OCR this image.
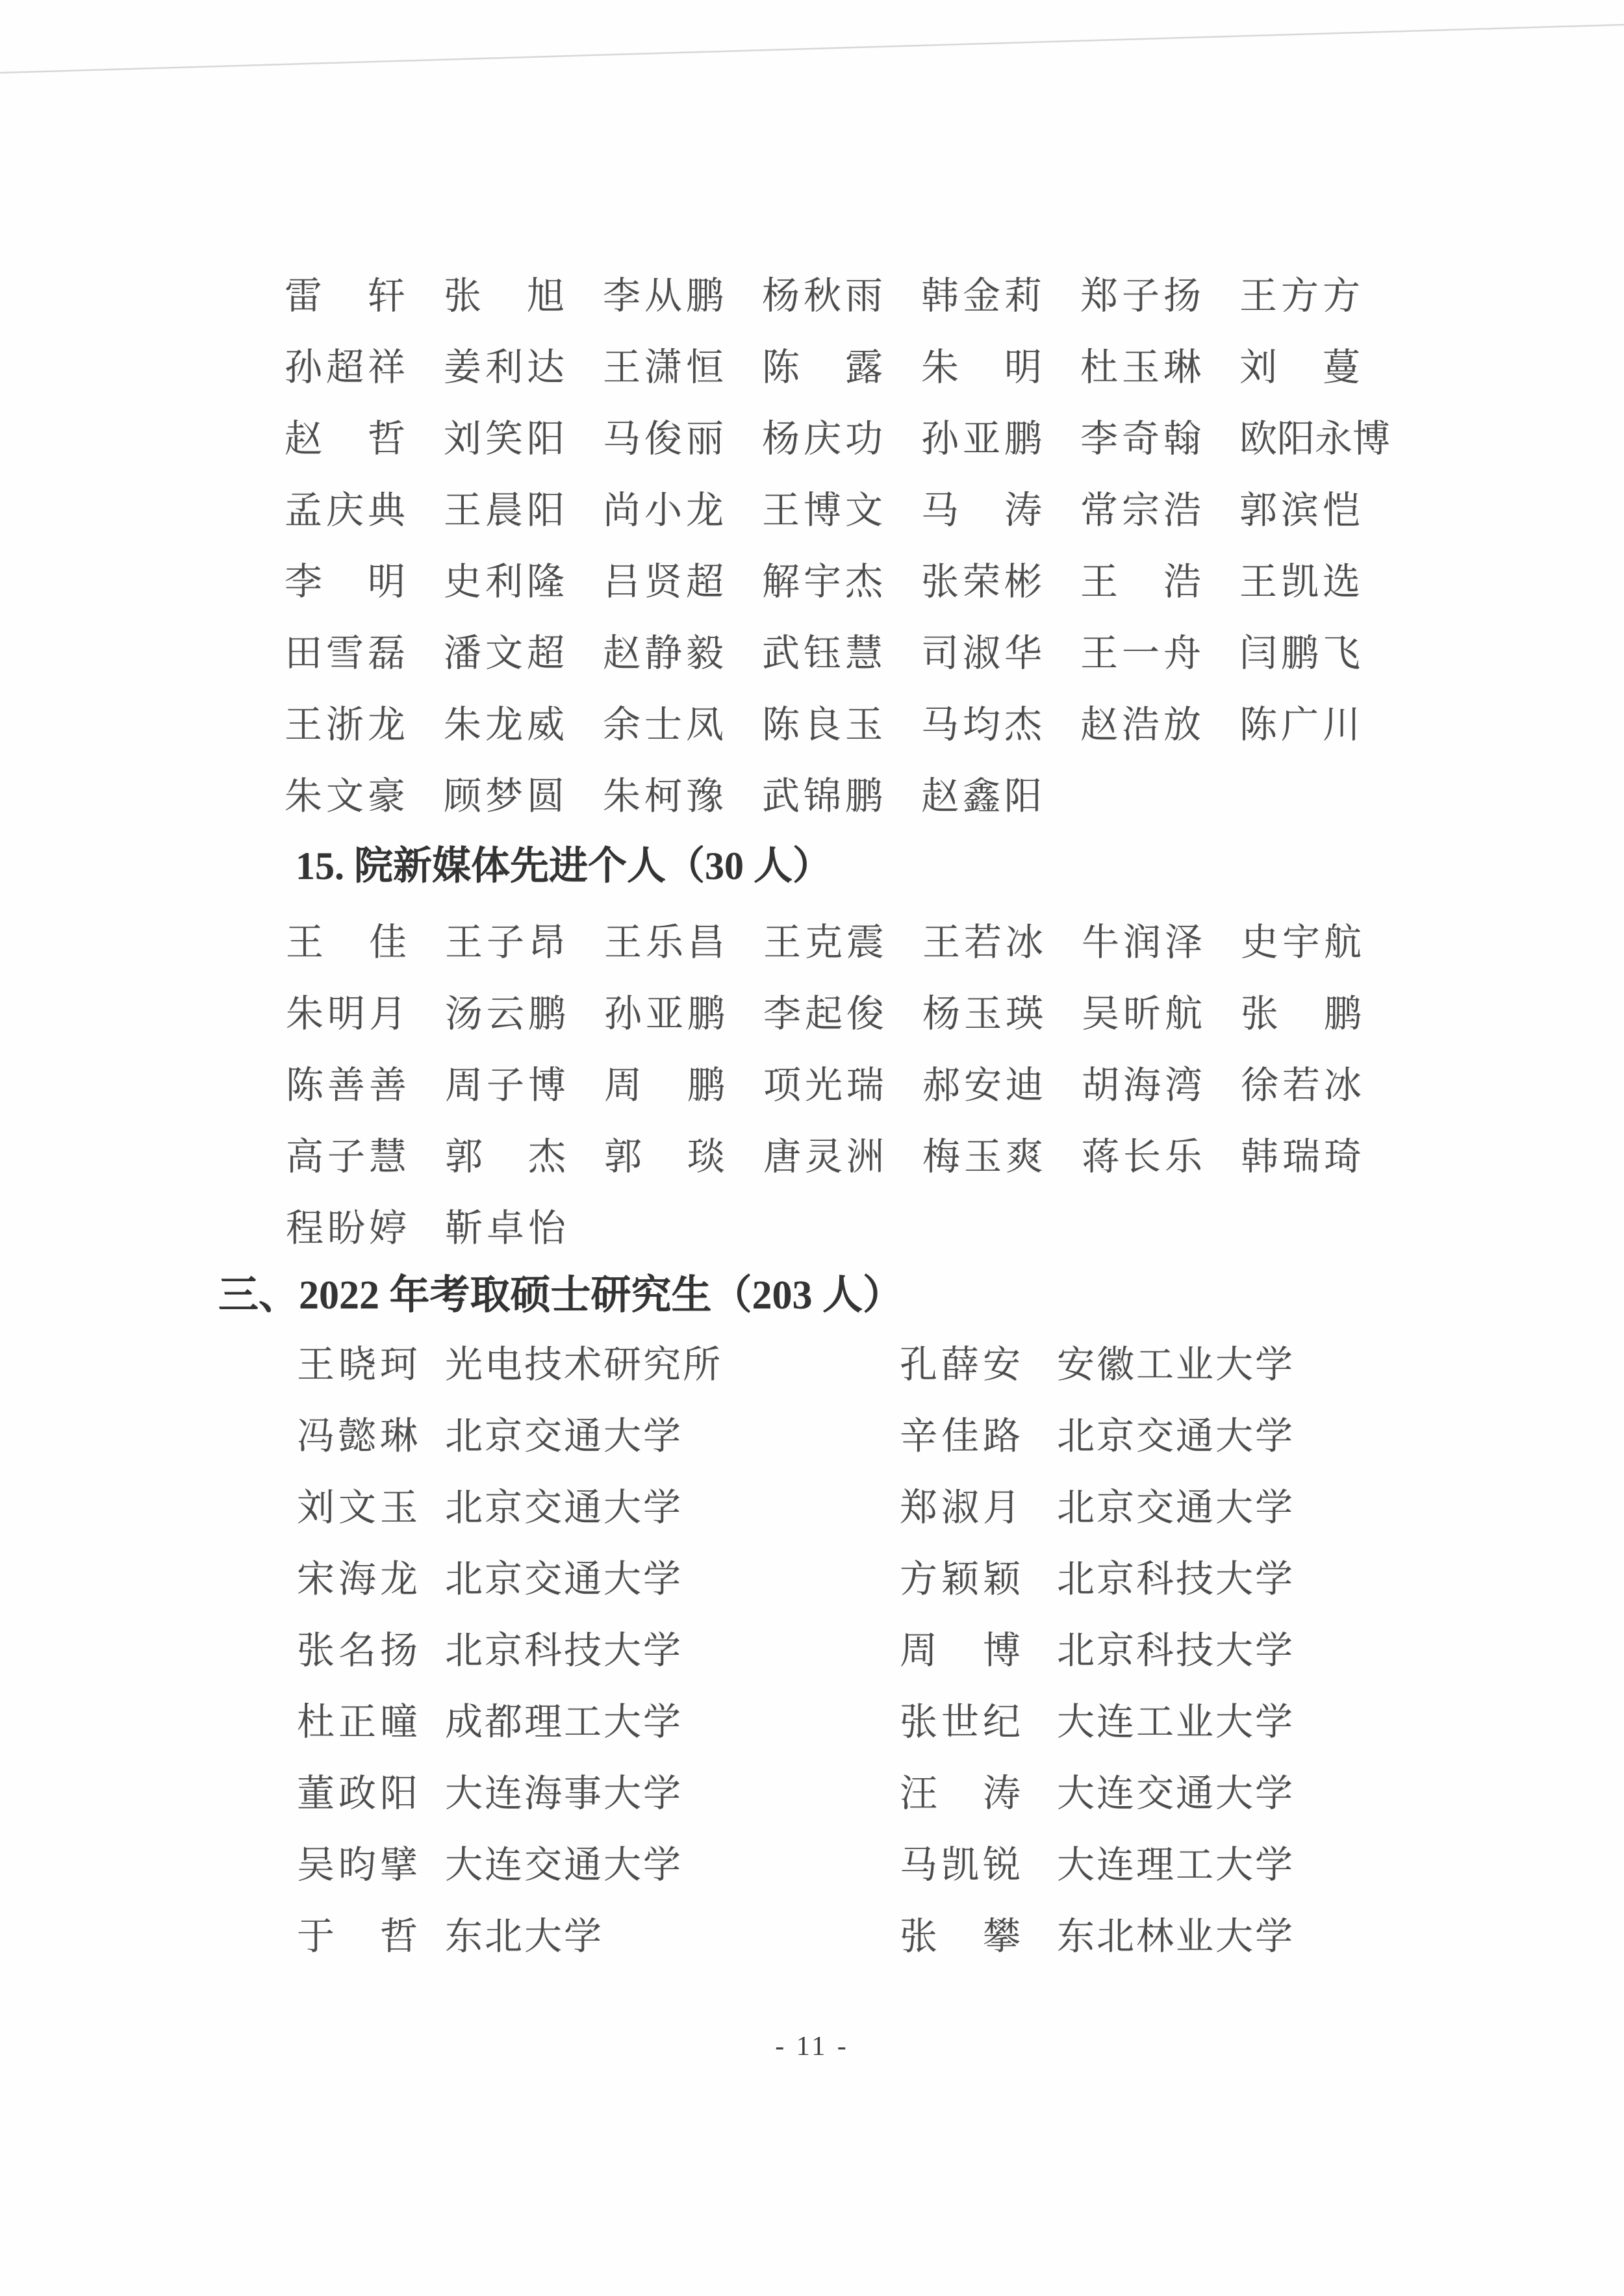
雷　轩 张　旭 李从鹏 杨秋雨 韩金莉 郑子扬 王方方
孙超祥 姜利达 王潇恒 陈　露 朱　明 杜玉琳 刘　蔓
赵　哲 刘笑阳 马俊丽 杨庆功 孙亚鹏 李奇翰 欧阳永博
孟庆典 王晨阳 尚小龙 王博文 马　涛 常宗浩 郭滨恺
李　明 史利隆 吕贤超 解宇杰 张荣彬 王　浩 王凯选
田雪磊 潘文超 赵静毅 武钰慧 司淑华 王一舟 闫鹏飞
王浙龙 朱龙威 余士凤 陈良玉 马均杰 赵浩放 陈广川
朱文豪 顾梦圆 朱柯豫 武锦鹏 赵鑫阳
15. 院新媒体先进个人（30 人）
王　佳 王子昂 王乐昌 王克震 王若冰 牛润泽 史宇航
朱明月 汤云鹏 孙亚鹏 李起俊 杨玉瑛 吴昕航 张　鹏
陈善善 周子博 周　鹏 项光瑞 郝安迪 胡海湾 徐若冰
高子慧 郭　杰 郭　琰 唐灵洲 梅玉爽 蒋长乐 韩瑞琦
程盼婷 靳卓怡
三、2022 年考取硕士研究生（203 人）
王晓珂 光电技术研究所
冯懿琳 北京交通大学
刘文玉 北京交通大学
宋海龙 北京交通大学
张名扬 北京科技大学
杜正曈 成都理工大学
董政阳 大连海事大学
吴昀擘 大连交通大学
于　哲 东北大学
孔薛安 安徽工业大学
辛佳路 北京交通大学
郑淑月 北京交通大学
方颖颖 北京科技大学
周　博 北京科技大学
张世纪 大连工业大学
汪　涛 大连交通大学
马凯锐 大连理工大学
张　攀 东北林业大学
- 11 -
